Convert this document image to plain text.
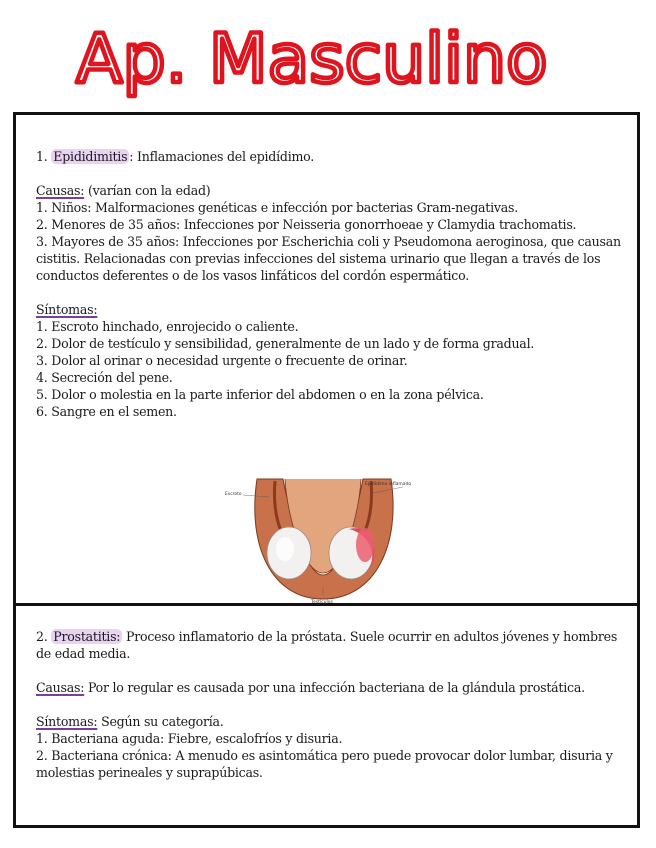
Ap. Masculino

1. Epididimitis : Inflamaciones del epidídimo.

Causas: (varían con la edad)

1. Niños: Malformaciones genéticas e infección por bacterias Gram-negativas.

2. Menores de 35 años: Infecciones por Neisseria gonorrhoeae y Clamydia trachomatis.

3. Mayores de 35 años: Infecciones por Escherichia coli y Pseudomona aeroginosa, que causan cistitis. Relacionadas con previas infecciones del sistema urinario que llegan a través de los conductos deferentes o de los vasos linfáticos del cordón espermático.

Síntomas:

1. Escroto hinchado, enrojecido o caliente.

2. Dolor de testículo y sensibilidad, generalmente de un lado y de forma gradual.

3. Dolor al orinar o necesidad urgente o frecuente de orinar.

4. Secreción del pene.

5. Dolor o molestia en la parte inferior del abdomen o en la zona pélvica.

6. Sangre en el semen.

Escroto
Epidídimo inflamado
Testículos

2. Prostatitis: Proceso inflamatorio de la próstata. Suele ocurrir en adultos jóvenes y hombres de edad media.

Causas: Por lo regular es causada por una infección bacteriana de la glándula prostática.

Síntomas: Según su categoría.

1. Bacteriana aguda: Fiebre, escalofríos y disuria.

2. Bacteriana crónica: A menudo es asintomática pero puede provocar dolor lumbar, disuria y molestias perineales y suprapúbicas.
